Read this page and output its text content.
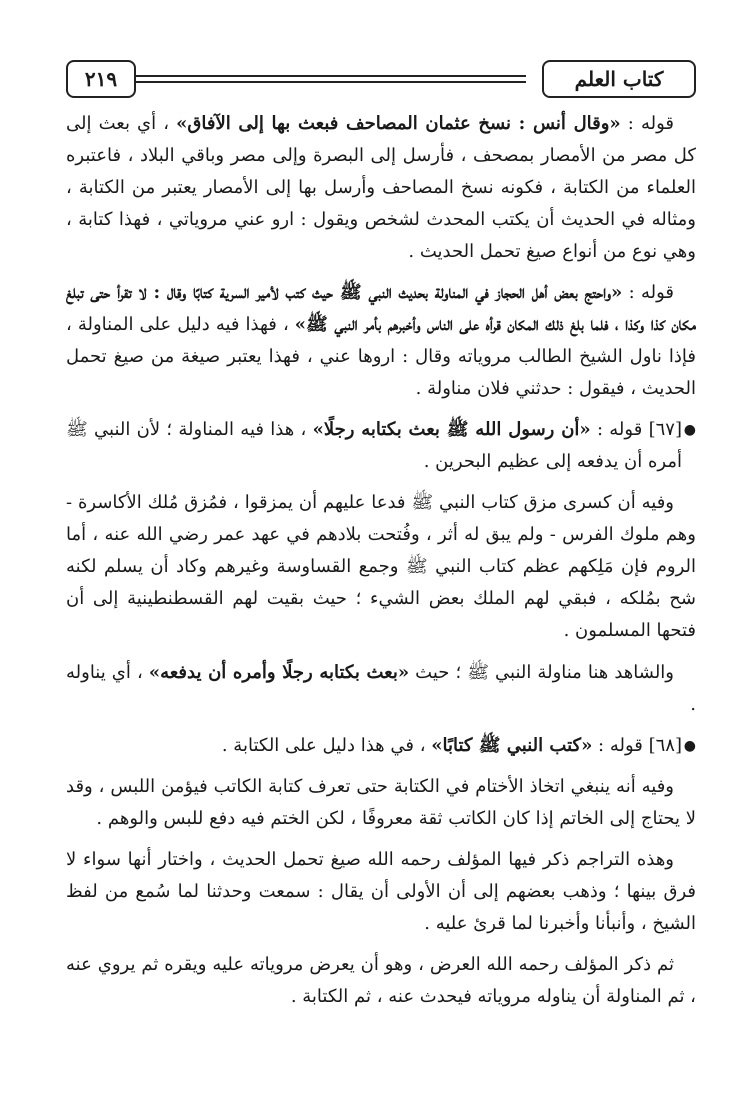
كتاب العلم
٢١٩

قوله : «وقال أنس : نسخ عثمان المصاحف فبعث بها إلى الآفاق» ، أي بعث إلى كل مصر من الأمصار بمصحف ، فأرسل إلى البصرة وإلى مصر وباقي البلاد ، فاعتبره العلماء من الكتابة ، فكونه نسخ المصاحف وأرسل بها إلى الأمصار يعتبر من الكتابة ، ومثاله في الحديث أن يكتب المحدث لشخص ويقول : ارو عني مروياتي ، فهذا كتابة ، وهي نوع من أنواع صيغ تحمل الحديث .

قوله : «واحتج بعض أهل الحجاز في المناولة بحديث النبي ﷺ حيث كتب لأمير السرية كتابًا وقال : لا تقرأ حتى تبلغ مكان كذا وكذا ، فلما بلغ ذلك المكان قرأه على الناس وأخبرهم بأمر النبي ﷺ» ، فهذا فيه دليل على المناولة ، فإذا ناول الشيخ الطالب مروياته وقال : اروها عني ، فهذا يعتبر صيغة من صيغ تحمل الحديث ، فيقول : حدثني فلان مناولة .

●

[٦٧] قوله : «أن رسول الله ﷺ بعث بكتابه رجلًا» ، هذا فيه المناولة ؛ لأن النبي ﷺ أمره أن يدفعه إلى عظيم البحرين .

وفيه أن كسرى مزق كتاب النبي ﷺ فدعا عليهم أن يمزقوا ، فمُزق مُلك الأكاسرة - وهم ملوك الفرس - ولم يبق له أثر ، وفُتحت بلادهم في عهد عمر رضي الله عنه ، أما الروم فإن مَلِكهم عظم كتاب النبي ﷺ وجمع القساوسة وغيرهم وكاد أن يسلم لكنه شح بمُلكه ، فبقي لهم الملك بعض الشيء ؛ حيث بقيت لهم القسطنطينية إلى أن فتحها المسلمون .

والشاهد هنا مناولة النبي ﷺ ؛ حيث «بعث بكتابه رجلًا وأمره أن يدفعه» ، أي يناوله .

●

[٦٨] قوله : «كتب النبي ﷺ كتابًا» ، في هذا دليل على الكتابة .

وفيه أنه ينبغي اتخاذ الأختام في الكتابة حتى تعرف كتابة الكاتب فيؤمن اللبس ، وقد لا يحتاج إلى الخاتم إذا كان الكاتب ثقة معروفًا ، لكن الختم فيه دفع للبس والوهم .

وهذه التراجم ذكر فيها المؤلف رحمه الله صيغ تحمل الحديث ، واختار أنها سواء لا فرق بينها ؛ وذهب بعضهم إلى أن الأولى أن يقال : سمعت وحدثنا لما سُمع من لفظ الشيخ ، وأنبأنا وأخبرنا لما قرئ عليه .

ثم ذكر المؤلف رحمه الله العرض ، وهو أن يعرض مروياته عليه ويقره ثم يروي عنه ، ثم المناولة أن يناوله مروياته فيحدث عنه ، ثم الكتابة .
